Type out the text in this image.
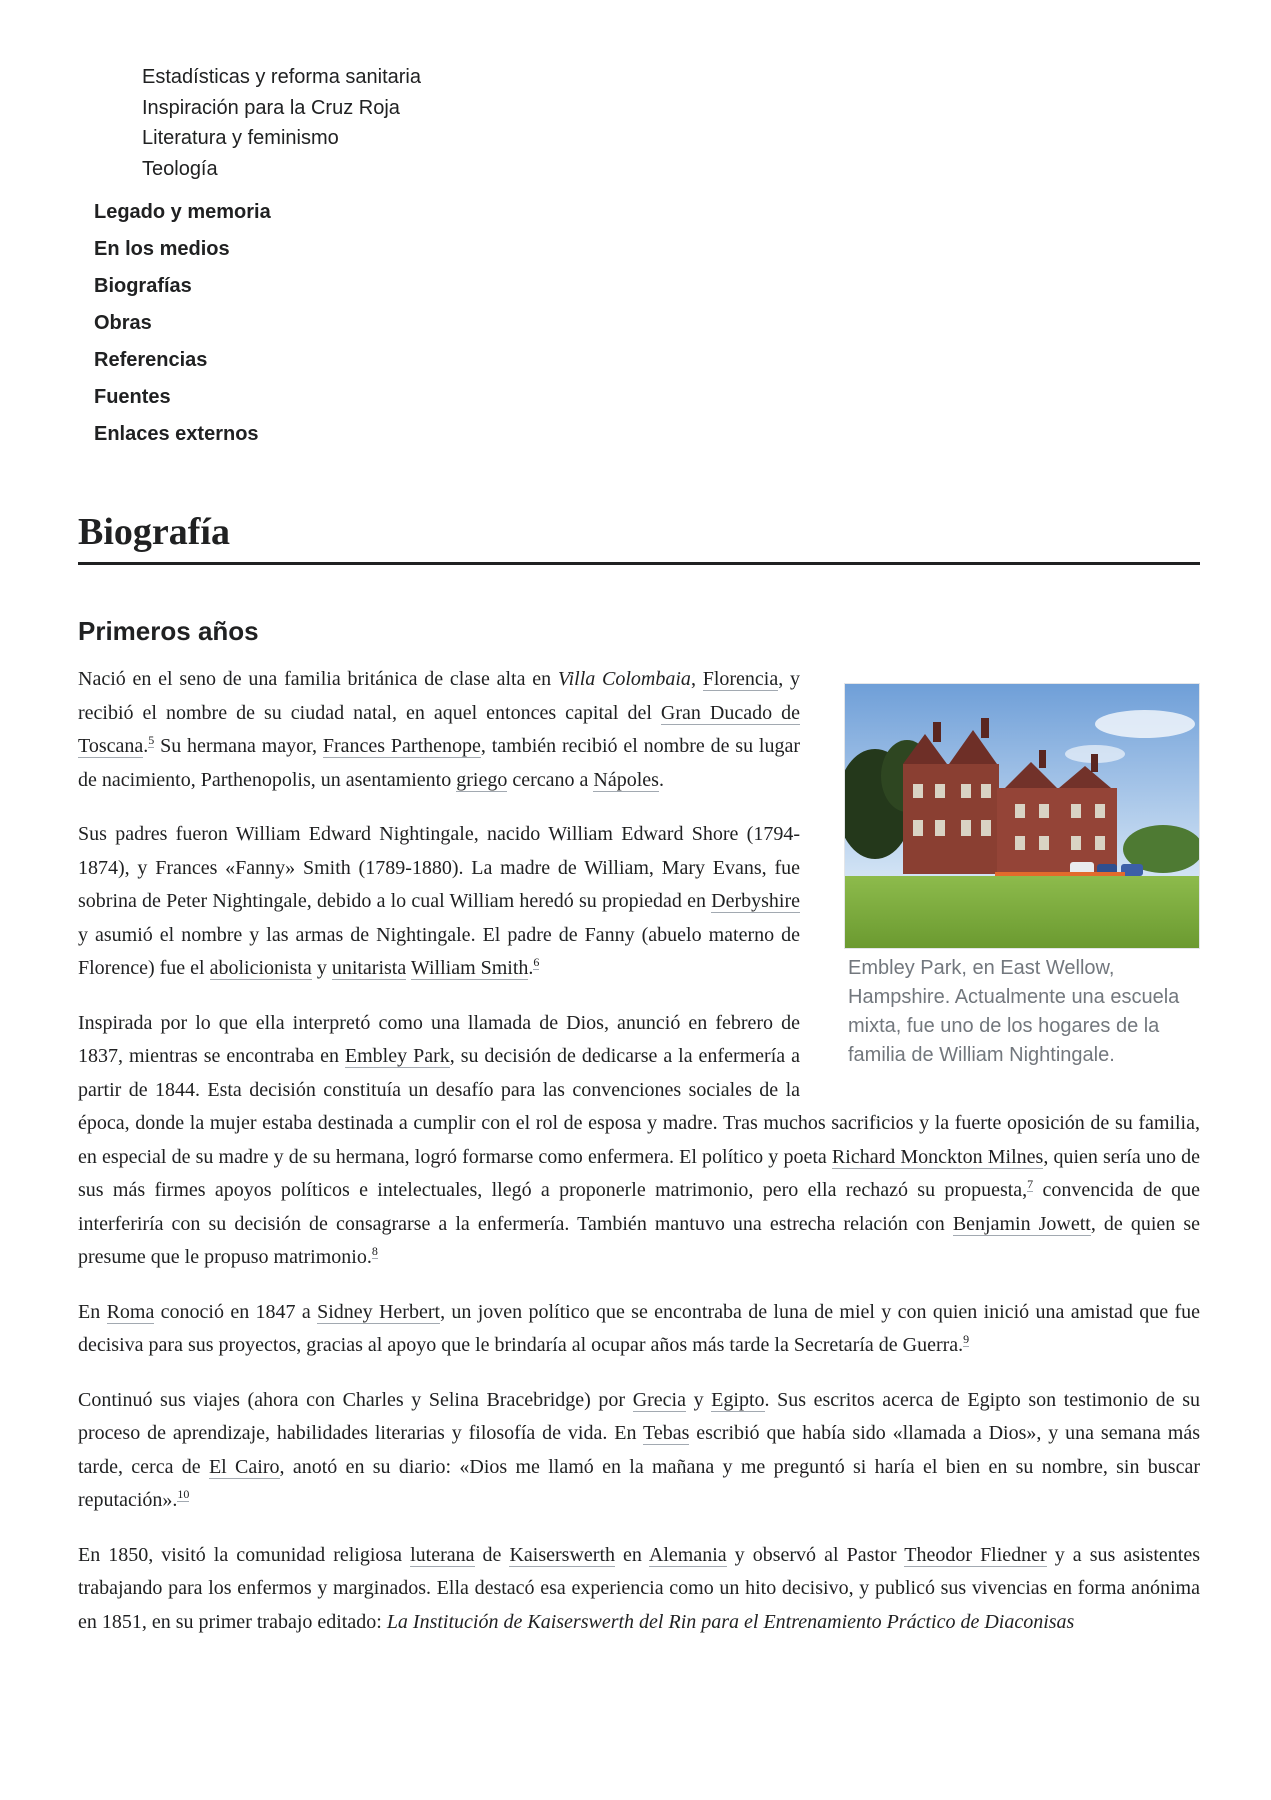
Estadísticas y reforma sanitaria
Inspiración para la Cruz Roja
Literatura y feminismo
Teología
Legado y memoria
En los medios
Biografías
Obras
Referencias
Fuentes
Enlaces externos
Biografía
Primeros años
Embley Park, en East Wellow, Hampshire. Actualmente una escuela mixta, fue uno de los hogares de la familia de William Nightingale.

Nació en el seno de una familia británica de clase alta en Villa Colombaia, Florencia, y recibió el nombre de su ciudad natal, en aquel entonces capital del Gran Ducado de Toscana.$^5$ Su hermana mayor, Frances Parthenope, también recibió el nombre de su lugar de nacimiento, Parthenopolis, un asentamiento griego cercano a Nápoles.

Sus padres fueron William Edward Nightingale, nacido William Edward Shore (1794-1874), y Frances «Fanny» Smith (1789-1880). La madre de William, Mary Evans, fue sobrina de Peter Nightingale, debido a lo cual William heredó su propiedad en Derbyshire y asumió el nombre y las armas de Nightingale. El padre de Fanny (abuelo materno de Florence) fue el abolicionista y unitarista William Smith.$^6$

Inspirada por lo que ella interpretó como una llamada de Dios, anunció en febrero de 1837, mientras se encontraba en Embley Park, su decisión de dedicarse a la enfermería a partir de 1844. Esta decisión constituía un desafío para las convenciones sociales de la época, donde la mujer estaba destinada a cumplir con el rol de esposa y madre. Tras muchos sacrificios y la fuerte oposición de su familia, en especial de su madre y de su hermana, logró formarse como enfermera. El político y poeta Richard Monckton Milnes, quien sería uno de sus más firmes apoyos políticos e intelectuales, llegó a proponerle matrimonio, pero ella rechazó su propuesta,$^7$ convencida de que interferiría con su decisión de consagrarse a la enfermería. También mantuvo una estrecha relación con Benjamin Jowett, de quien se presume que le propuso matrimonio.$^8$

En Roma conoció en 1847 a Sidney Herbert, un joven político que se encontraba de luna de miel y con quien inició una amistad que fue decisiva para sus proyectos, gracias al apoyo que le brindaría al ocupar años más tarde la Secretaría de Guerra.$^9$

Continuó sus viajes (ahora con Charles y Selina Bracebridge) por Grecia y Egipto. Sus escritos acerca de Egipto son testimonio de su proceso de aprendizaje, habilidades literarias y filosofía de vida. En Tebas escribió que había sido «llamada a Dios», y una semana más tarde, cerca de El Cairo, anotó en su diario: «Dios me llamó en la mañana y me preguntó si haría el bien en su nombre, sin buscar reputación».$^{10}$

En 1850, visitó la comunidad religiosa luterana de Kaiserswerth en Alemania y observó al Pastor Theodor Fliedner y a sus asistentes trabajando para los enfermos y marginados. Ella destacó esa experiencia como un hito decisivo, y publicó sus vivencias en forma anónima en 1851, en su primer trabajo editado: La Institución de Kaiserswerth del Rin para el Entrenamiento Práctico de Diaconisas
